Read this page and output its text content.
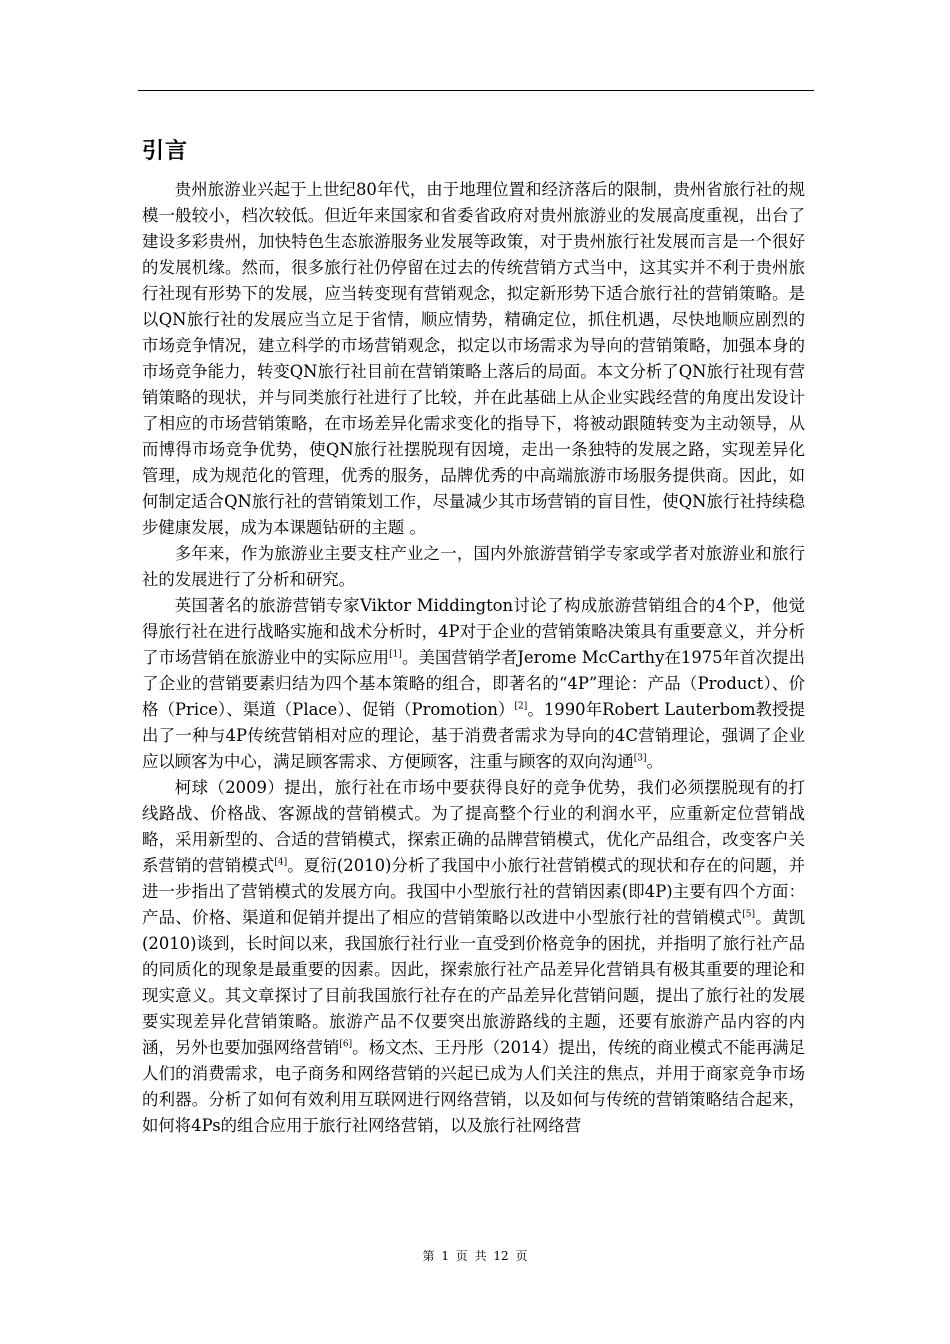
引言

贵州旅游业兴起于上世纪80年代，由于地理位置和经济落后的限制，贵州省旅行社的规模一般较小，档次较低。但近年来国家和省委省政府对贵州旅游业的发展高度重视，出台了建设多彩贵州，加快特色生态旅游服务业发展等政策，对于贵州旅行社发展而言是一个很好的发展机缘。然而，很多旅行社仍停留在过去的传统营销方式当中，这其实并不利于贵州旅行社现有形势下的发展，应当转变现有营销观念，拟定新形势下适合旅行社的营销策略。是以QN旅行社的发展应当立足于省情，顺应情势，精确定位，抓住机遇，尽快地顺应剧烈的市场竞争情况，建立科学的市场营销观念，拟定以市场需求为导向的营销策略，加强本身的市场竞争能力，转变QN旅行社目前在营销策略上落后的局面。本文分析了QN旅行社现有营销策略的现状，并与同类旅行社进行了比较，并在此基础上从企业实践经营的角度出发设计了相应的市场营销策略，在市场差异化需求变化的指导下，将被动跟随转变为主动领导，从而博得市场竞争优势，使QN旅行社摆脱现有因境，走出一条独特的发展之路，实现差异化管理，成为规范化的管理，优秀的服务，品牌优秀的中高端旅游市场服务提供商。因此，如何制定适合QN旅行社的营销策划工作，尽量减少其市场营销的盲目性，使QN旅行社持续稳步健康发展，成为本课题钻研的主题 。

多年来，作为旅游业主要支柱产业之一，国内外旅游营销学专家或学者对旅游业和旅行社的发展进行了分析和研究。

英国著名的旅游营销专家Viktor Middington讨论了构成旅游营销组合的4个P，他觉得旅行社在进行战略实施和战术分析时，4P对于企业的营销策略决策具有重要意义，并分析了市场营销在旅游业中的实际应用[1]。美国营销学者Jerome McCarthy在1975年首次提出了企业的营销要素归结为四个基本策略的组合，即著名的“4P”理论：产品（Product）、价格（Price）、渠道（Place）、促销（Promotion）[2]。1990年Robert Lauterbom教授提出了一种与4P传统营销相对应的理论，基于消费者需求为导向的4C营销理论，强调了企业应以顾客为中心，满足顾客需求、方便顾客，注重与顾客的双向沟通[3]。

柯球（2009）提出，旅行社在市场中要获得良好的竞争优势，我们必须摆脱现有的打线路战、价格战、客源战的营销模式。为了提高整个行业的利润水平，应重新定位营销战略，采用新型的、合适的营销模式，探索正确的品牌营销模式，优化产品组合，改变客户关系营销的营销模式[4]。夏衍(2010)分析了我国中小旅行社营销模式的现状和存在的问题，并进一步指出了营销模式的发展方向。我国中小型旅行社的营销因素(即4P)主要有四个方面：产品、价格、渠道和促销并提出了相应的营销策略以改进中小型旅行社的营销模式[5]。黄凯(2010)谈到，长时间以来，我国旅行社行业一直受到价格竞争的困扰，并指明了旅行社产品的同质化的现象是最重要的因素。因此，探索旅行社产品差异化营销具有极其重要的理论和现实意义。其文章探讨了目前我国旅行社存在的产品差异化营销问题，提出了旅行社的发展要实现差异化营销策略。旅游产品不仅要突出旅游路线的主题，还要有旅游产品内容的内涵，另外也要加强网络营销[6]。杨文杰、王丹彤（2014）提出，传统的商业模式不能再满足人们的消费需求，电子商务和网络营销的兴起已成为人们关注的焦点，并用于商家竞争市场的利器。分析了如何有效利用互联网进行网络营销，以及如何与传统的营销策略结合起来，如何将4Ps的组合应用于旅行社网络营销，以及旅行社网络营

第 1 页 共 12 页
